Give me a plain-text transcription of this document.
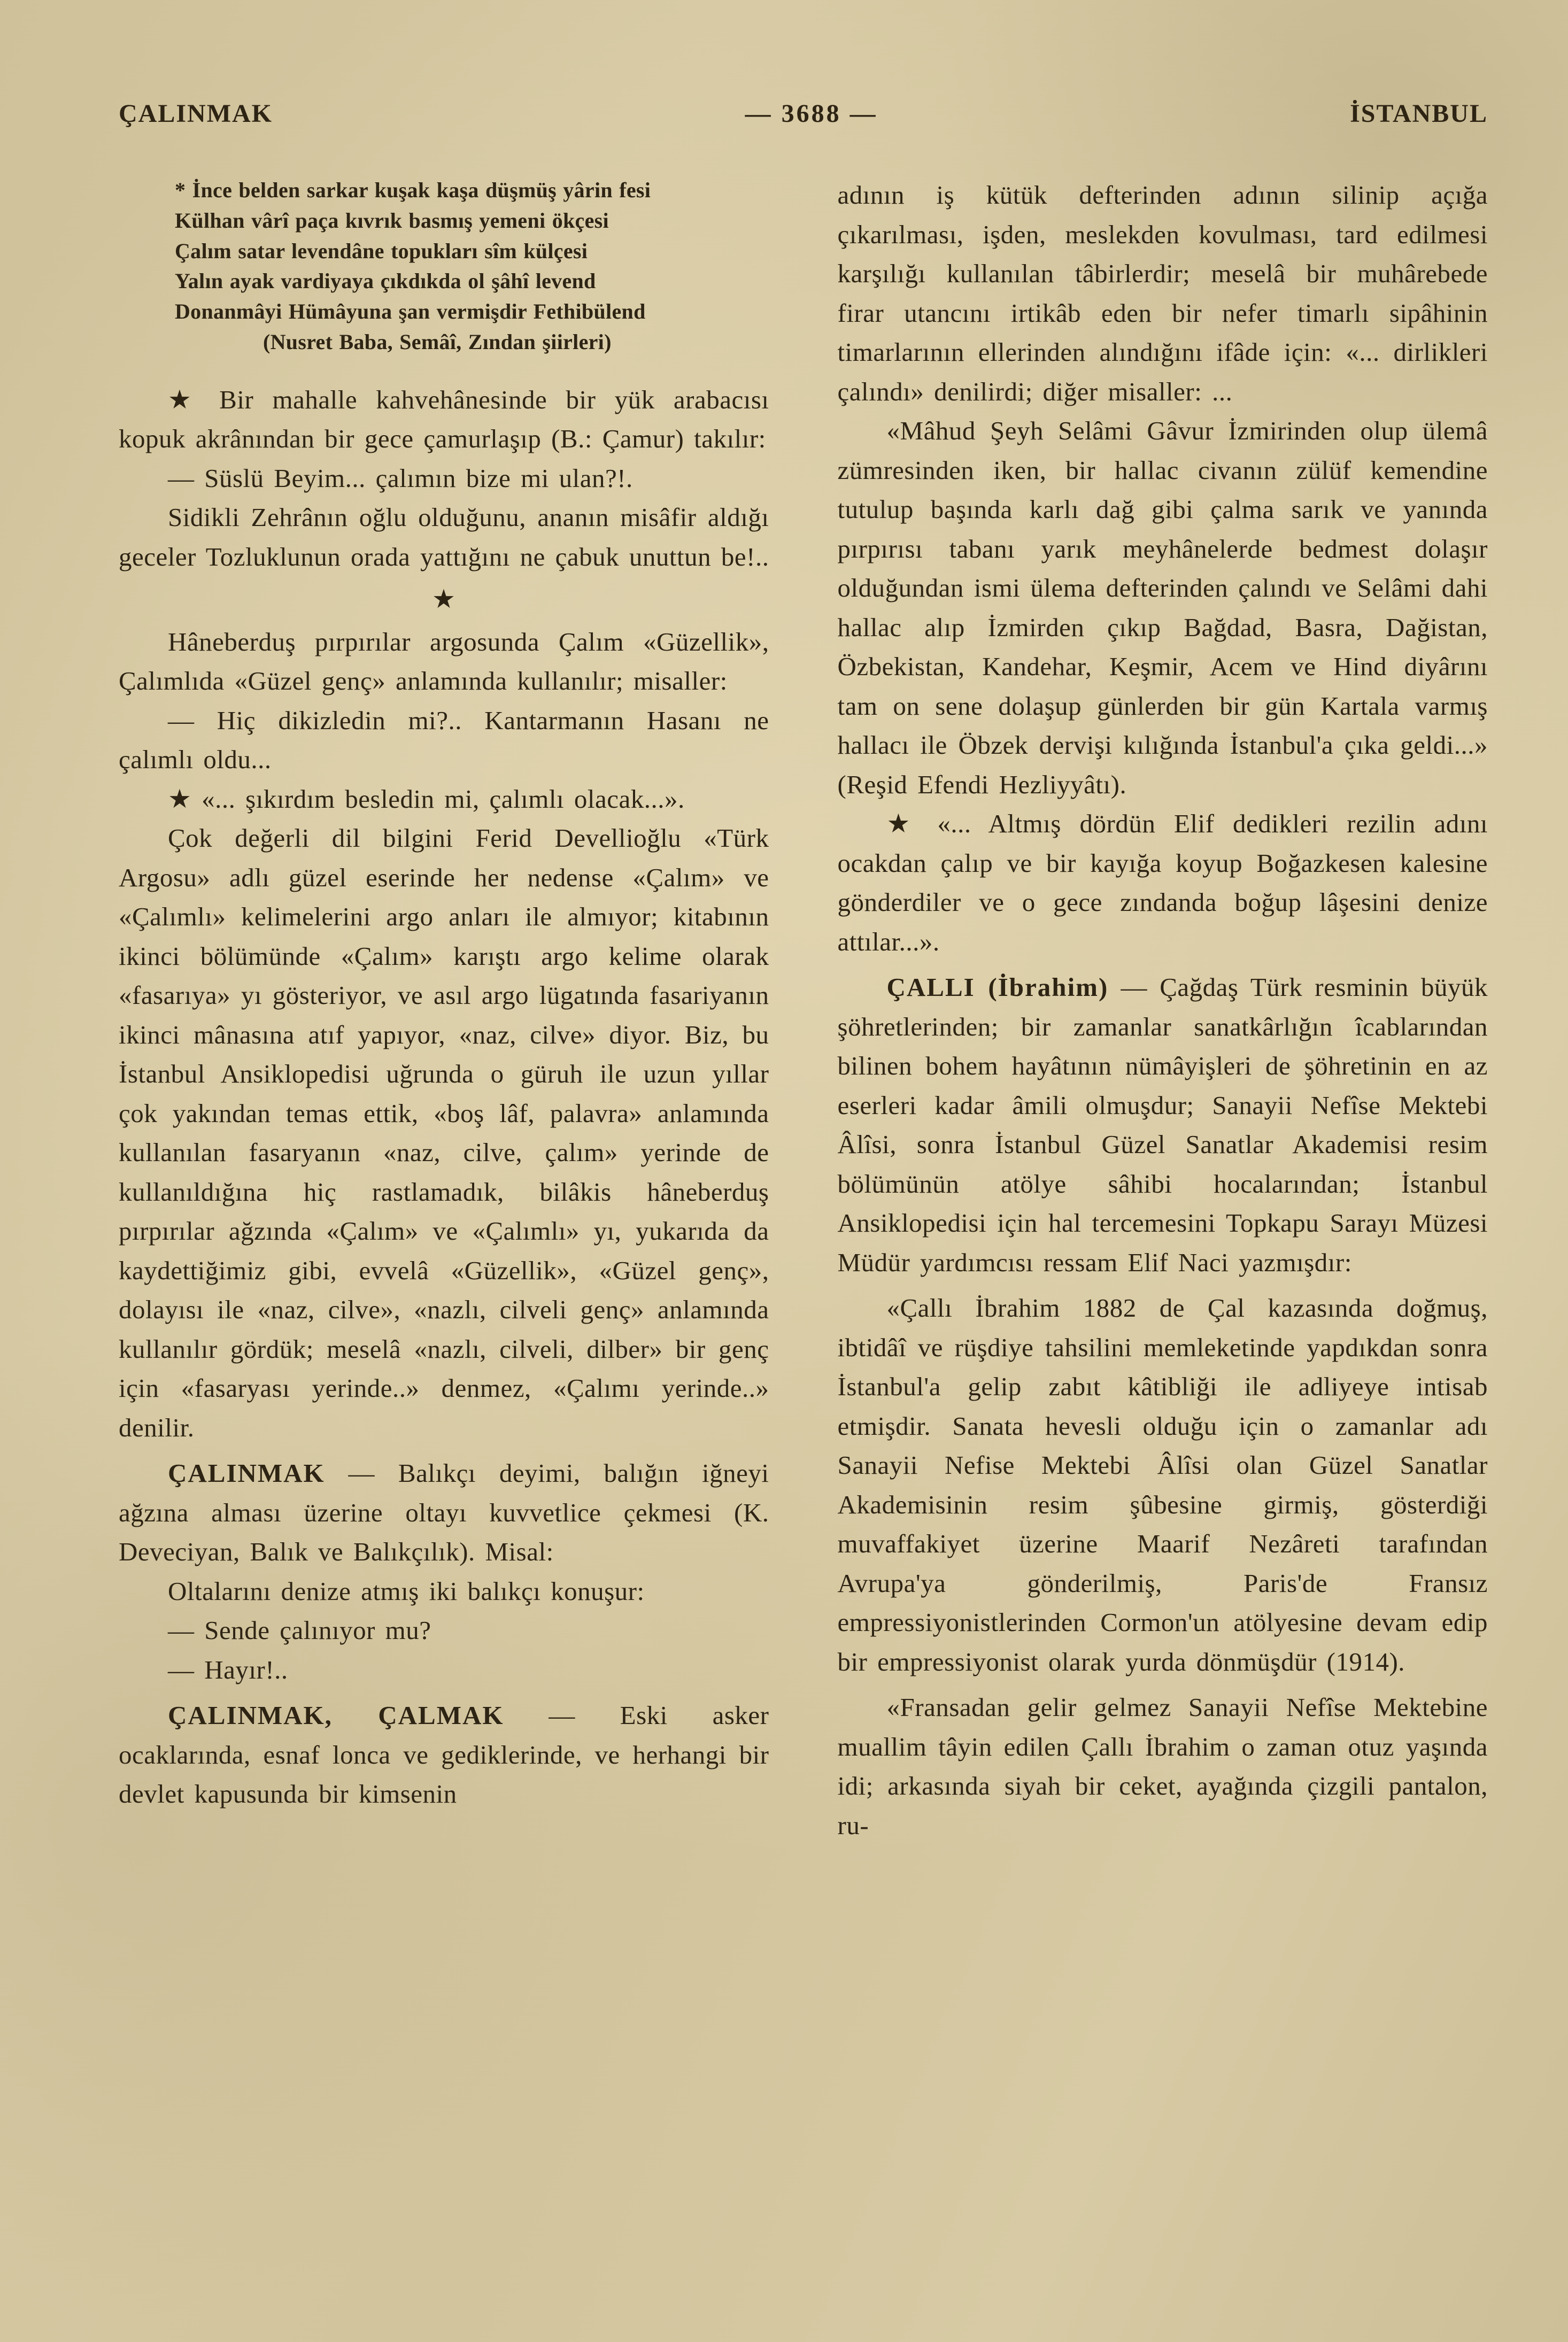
ÇALINMAK	— 3688 —	İSTANBUL
* İnce belden sarkar kuşak kaşa düşmüş yârin fesi
Külhan vârî paça kıvrık basmış yemeni ökçesi
Çalım satar levendâne topukları sîm külçesi
Yalın ayak vardiyaya çıkdıkda ol şâhî levend
Donanmâyi Hümâyuna şan vermişdir Fethibülend
(Nusret Baba, Semâî, Zından şiirleri)

★ Bir mahalle kahvehânesinde bir yük arabacısı kopuk akrânından bir gece çamurlaşıp (B.: Çamur) takılır:

— Süslü Beyim... çalımın bize mi ulan?!.

Sidikli Zehrânın oğlu olduğunu, ananın misâfir aldığı geceler Tozluklunun orada yattığını ne çabuk unuttun be!..

★

Hâneberduş pırpırılar argosunda Çalım «Güzellik», Çalımlıda «Güzel genç» anlamında kullanılır; misaller:

— Hiç dikizledin mi?.. Kantarmanın Hasanı ne çalımlı oldu...

★ «... şıkırdım besledin mi, çalımlı olacak...».

Çok değerli dil bilgini Ferid Devellioğlu «Türk Argosu» adlı güzel eserinde her nedense «Çalım» ve «Çalımlı» kelimelerini argo anları ile almıyor; kitabının ikinci bölümünde «Çalım» karıştı argo kelime olarak «fasarıya» yı gösteriyor, ve asıl argo lügatında fasariyanın ikinci mânasına atıf yapıyor, «naz, cilve» diyor. Biz, bu İstanbul Ansiklopedisi uğrunda o güruh ile uzun yıllar çok yakından temas ettik, «boş lâf, palavra» anlamında kullanılan fasaryanın «naz, cilve, çalım» yerinde de kullanıldığına hiç rastlamadık, bilâkis hâneberduş pırpırılar ağzında «Çalım» ve «Çalımlı» yı, yukarıda da kaydettiğimiz gibi, evvelâ «Güzellik», «Güzel genç», dolayısı ile «naz, cilve», «nazlı, cilveli genç» anlamında kullanılır gördük; meselâ «nazlı, cilveli, dilber» bir genç için «fasaryası yerinde..» denmez, «Çalımı yerinde..» denilir.

ÇALINMAK — Balıkçı deyimi, balığın iğneyi ağzına alması üzerine oltayı kuvvetlice çekmesi (K. Deveciyan, Balık ve Balıkçılık). Misal:

Oltalarını denize atmış iki balıkçı konuşur:

— Sende çalınıyor mu?

— Hayır!..

ÇALINMAK, ÇALMAK — Eski asker ocaklarında, esnaf lonca ve gediklerinde, ve herhangi bir devlet kapusunda bir kimsenin

adının iş kütük defterinden adının silinip açığa çıkarılması, işden, meslekden kovulması, tard edilmesi karşılığı kullanılan tâbirlerdir; meselâ bir muhârebede firar utancını irtikâb eden bir nefer timarlı sipâhinin timarlarının ellerinden alındığını ifâde için: «... dirlikleri çalındı» denilirdi; diğer misaller: ...

«Mâhud Şeyh Selâmi Gâvur İzmirinden olup ülemâ zümresinden iken, bir hallac civanın zülüf kemendine tutulup başında karlı dağ gibi çalma sarık ve yanında pırpırısı tabanı yarık meyhânelerde bedmest dolaşır olduğundan ismi ülema defterinden çalındı ve Selâmi dahi hallac alıp İzmirden çıkıp Bağdad, Basra, Dağistan, Özbekistan, Kandehar, Keşmir, Acem ve Hind diyârını tam on sene dolaşup günlerden bir gün Kartala varmış hallacı ile Öbzek dervişi kılığında İstanbul'a çıka geldi...» (Reşid Efendi Hezliyyâtı).

★ «... Altmış dördün Elif dedikleri rezilin adını ocakdan çalıp ve bir kayığa koyup Boğazkesen kalesine gönderdiler ve o gece zındanda boğup lâşesini denize attılar...».

ÇALLI (İbrahim) — Çağdaş Türk resminin büyük şöhretlerinden; bir zamanlar sanatkârlığın îcablarından bilinen bohem hayâtının nümâyişleri de şöhretinin en az eserleri kadar âmili olmuşdur; Sanayii Nefîse Mektebi Âlîsi, sonra İstanbul Güzel Sanatlar Akademisi resim bölümünün atölye sâhibi hocalarından; İstanbul Ansiklopedisi için hal tercemesini Topkapu Sarayı Müzesi Müdür yardımcısı ressam Elif Naci yazmışdır:

«Çallı İbrahim 1882 de Çal kazasında doğmuş, ibtidâî ve rüşdiye tahsilini memleketinde yapdıkdan sonra İstanbul'a gelip zabıt kâtibliği ile adliyeye intisab etmişdir. Sanata hevesli olduğu için o zamanlar adı Sanayii Nefise Mektebi Âlîsi olan Güzel Sanatlar Akademisinin resim şûbesine girmiş, gösterdiği muvaffakiyet üzerine Maarif Nezâreti tarafından Avrupa'ya gönderilmiş, Paris'de Fransız empressiyonistlerinden Cormon'un atölyesine devam edip bir empressiyonist olarak yurda dönmüşdür (1914).

«Fransadan gelir gelmez Sanayii Nefîse Mektebine muallim tâyin edilen Çallı İbrahim o zaman otuz yaşında idi; arkasında siyah bir ceket, ayağında çizgili pantalon, ru-
